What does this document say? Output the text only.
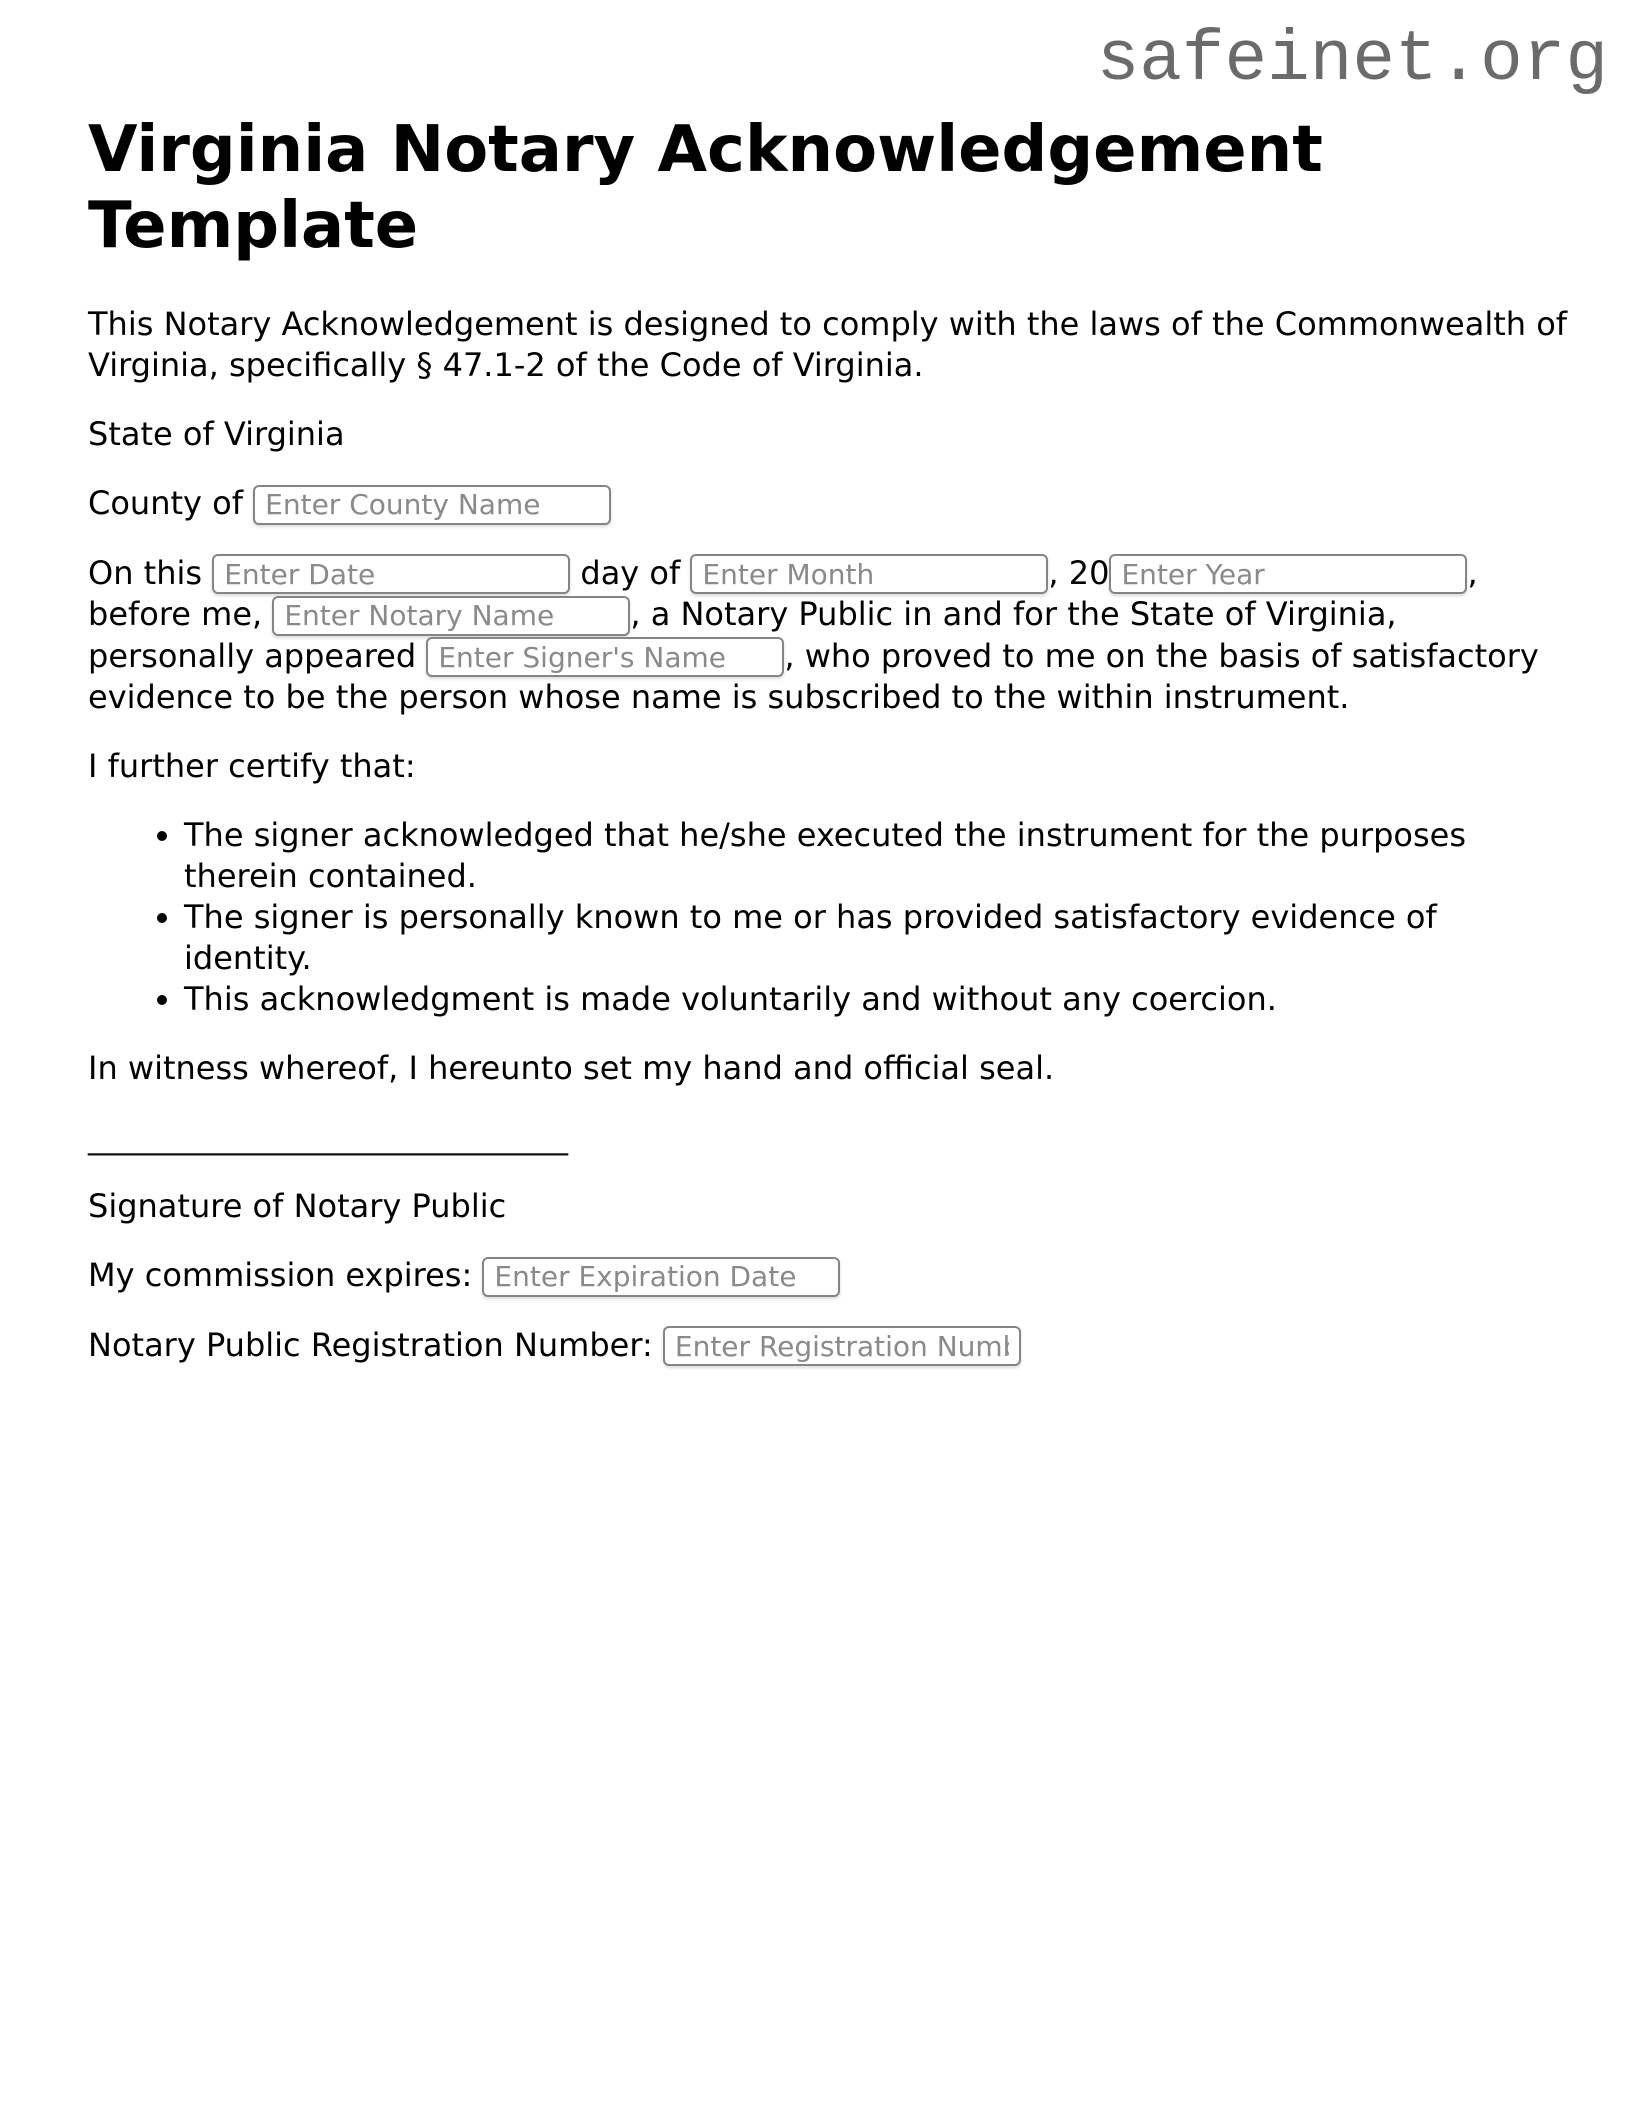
safeinet.org
Virginia Notary Acknowledgement Template

This Notary Acknowledgement is designed to comply with the laws of the Commonwealth of Virginia, specifically § 47.1-2 of the Code of Virginia.

State of Virginia

County of Enter County Name

On this Enter Date	day of Enter Month	, 20Enter Year	, before me, Enter Notary Name	, a Notary Public in and for the State of Virginia, personally appeared Enter Signer's Name	, who proved to me on the basis of satisfactory evidence to be the person whose name is subscribed to the within instrument.

I further certify that:

• The signer acknowledged that he/she executed the instrument for the purposes therein contained.
• The signer is personally known to me or has provided satisfactory evidence of identity.
• This acknowledgment is made voluntarily and without any coercion.

In witness whereof, I hereunto set my hand and official seal.

______________________________

Signature of Notary Public

My commission expires: Enter Expiration Date

Notary Public Registration Number: Enter Registration Number
